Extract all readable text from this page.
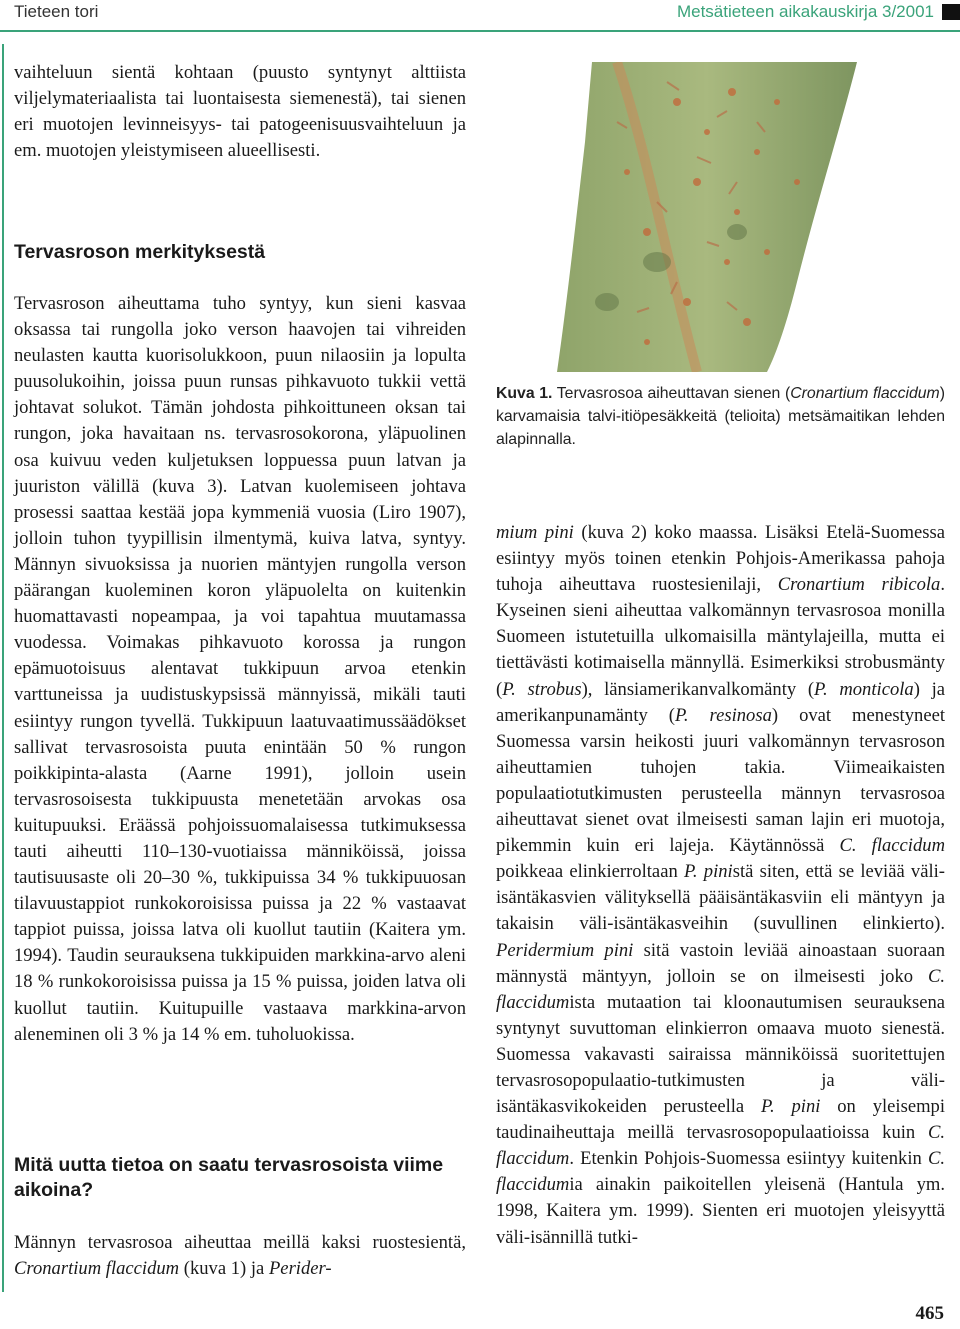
Tieteen tori	Metsätieteen aikakauskirja 3/2001

vaihteluun sientä kohtaan (puusto syntynyt alttiista viljelymateriaalista tai luontaisesta siemenestä), tai sienen eri muotojen levinneisyys- tai patogeenisuusvaihteluun ja em. muotojen yleistymiseen alueellisesti.

Tervasroson merkityksestä

Tervasroson aiheuttama tuho syntyy, kun sieni kasvaa oksassa tai rungolla joko verson haavojen tai vihreiden neulasten kautta kuorisolukkoon, puun nilaosiin ja lopulta puusolukoihin, joissa puun runsas pihkavuoto tukkii vettä johtavat solukot. Tämän johdosta pihkoittuneen oksan tai rungon, joka havaitaan ns. tervasrosokorona, yläpuolinen osa kuivuu veden kuljetuksen loppuessa puun latvan ja juuriston välillä (kuva 3). Latvan kuolemiseen johtava prosessi saattaa kestää jopa kymmeniä vuosia (Liro 1907), jolloin tuhon tyypillisin ilmentymä, kuiva latva, syntyy. Männyn sivuoksissa ja nuorien mäntyjen rungolla verson päärangan kuoleminen koron yläpuolelta on kuitenkin huomattavasti nopeampaa, ja voi tapahtua muutamassa vuodessa. Voimakas pihkavuoto korossa ja rungon epämuotoisuus alentavat tukkipuun arvoa etenkin varttuneissa ja uudistuskypsissä männyissä, mikäli tauti esiintyy rungon tyvellä. Tukkipuun laatuvaatimussäädökset sallivat tervasrosoista puuta enintään 50 % rungon poikkipinta-alasta (Aarne 1991), jolloin usein tervasrosoisesta tukkipuusta menetetään arvokas osa kuitupuuksi. Eräässä pohjoissuomalaisessa tutkimuksessa tauti aiheutti 110–130-vuotiaissa männiköissä, joissa tautisuusaste oli 20–30 %, tukkipuissa 34 % tukkipuuosan tilavuustappiot runkokoroisissa puissa ja 22 % vastaavat tappiot puissa, joissa latva oli kuollut tautiin (Kaitera ym. 1994). Taudin seurauksena tukkipuiden markkina-arvo aleni 18 % runkokoroisissa puissa ja 15 % puissa, joiden latva oli kuollut tautiin. Kuitupuille vastaava markkina-arvon aleneminen oli 3 % ja 14 % em. tuholuokissa.

Mitä uutta tietoa on saatu tervasrosoista viime aikoina?

Männyn tervasrosoa aiheuttaa meillä kaksi ruostesientä, Cronartium flaccidum (kuva 1) ja Perider-

Kuva 1. Tervasrosoa aiheuttavan sienen (Cronartium flaccidum) karvamaisia talvi-itiöpesäkkeitä (telioita) metsämaitikan lehden alapinnalla.

mium pini (kuva 2) koko maassa. Lisäksi Etelä-Suomessa esiintyy myös toinen etenkin Pohjois-Amerikassa pahoja tuhoja aiheuttava ruostesienilaji, Cronartium ribicola. Kyseinen sieni aiheuttaa valkomännyn tervasrosoa monilla Suomeen istutetuilla ulkomaisilla mäntylajeilla, mutta ei tiettävästi kotimaisella männyllä. Esimerkiksi strobusmänty (P. strobus), länsiamerikanvalkomänty (P. monticola) ja amerikanpunamänty (P. resinosa) ovat menestyneet Suomessa varsin heikosti juuri valkomännyn tervasroson aiheuttamien tuhojen takia. Viimeaikaisten populaatiotutkimusten perusteella männyn tervasrosoa aiheuttavat sienet ovat ilmeisesti saman lajin eri muotoja, pikemmin kuin eri lajeja. Käytännössä C. flaccidum poikkeaa elinkierroltaan P. pinistä siten, että se leviää väli-isäntäkasvien välityksellä pääisäntäkasviin eli mäntyyn ja takaisin väli-isäntäkasveihin (suvullinen elinkierto). Peridermium pini sitä vastoin leviää ainoastaan suoraan männystä mäntyyn, jolloin se on ilmeisesti joko C. flaccidumista mutaation tai kloonautumisen seurauksena syntynyt suvuttoman elinkierron omaava muoto sienestä. Suomessa vakavasti sairaissa männiköissä suoritettujen tervasrosopopulaatio-tutkimusten ja väli-isäntäkasvikokeiden perusteella P. pini on yleisempi taudinaiheuttaja meillä tervasrosopopulaatioissa kuin C. flaccidum. Etenkin Pohjois-Suomessa esiintyy kuitenkin C. flaccidumia ainakin paikoitellen yleisenä (Hantula ym. 1998, Kaitera ym. 1999). Sienten eri muotojen yleisyyttä väli-isännillä tutki-

465
